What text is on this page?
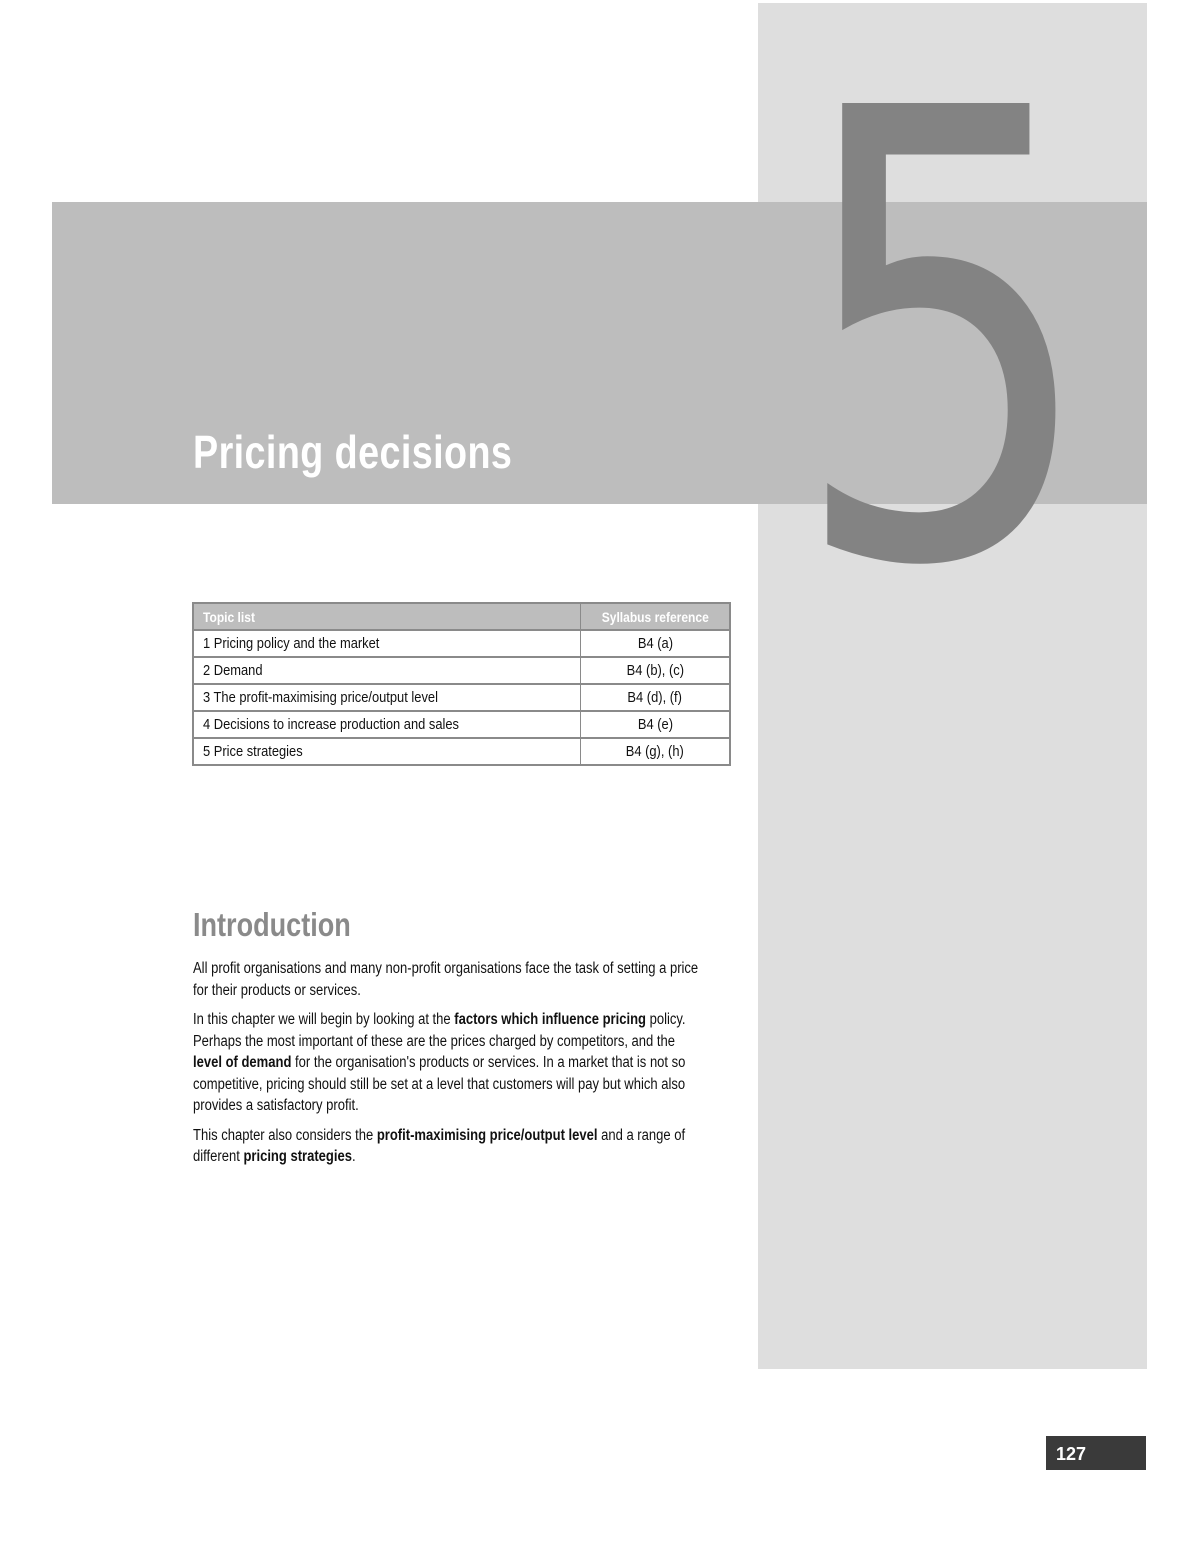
5
Pricing decisions
Topic list	Syllabus reference
1 Pricing policy and the market	B4 (a)
2 Demand	B4 (b), (c)
3 The profit-maximising price/output level	B4 (d), (f)
4 Decisions to increase production and sales	B4 (e)
5 Price strategies	B4 (g), (h)
Introduction

All profit organisations and many non-profit organisations face the task of setting a price for their products or services.

In this chapter we will begin by looking at the factors which influence pricing policy. Perhaps the most important of these are the prices charged by competitors, and the level of demand for the organisation's products or services. In a market that is not so competitive, pricing should still be set at a level that customers will pay but which also provides a satisfactory profit.

This chapter also considers the profit-maximising price/output level and a range of different pricing strategies.

127
